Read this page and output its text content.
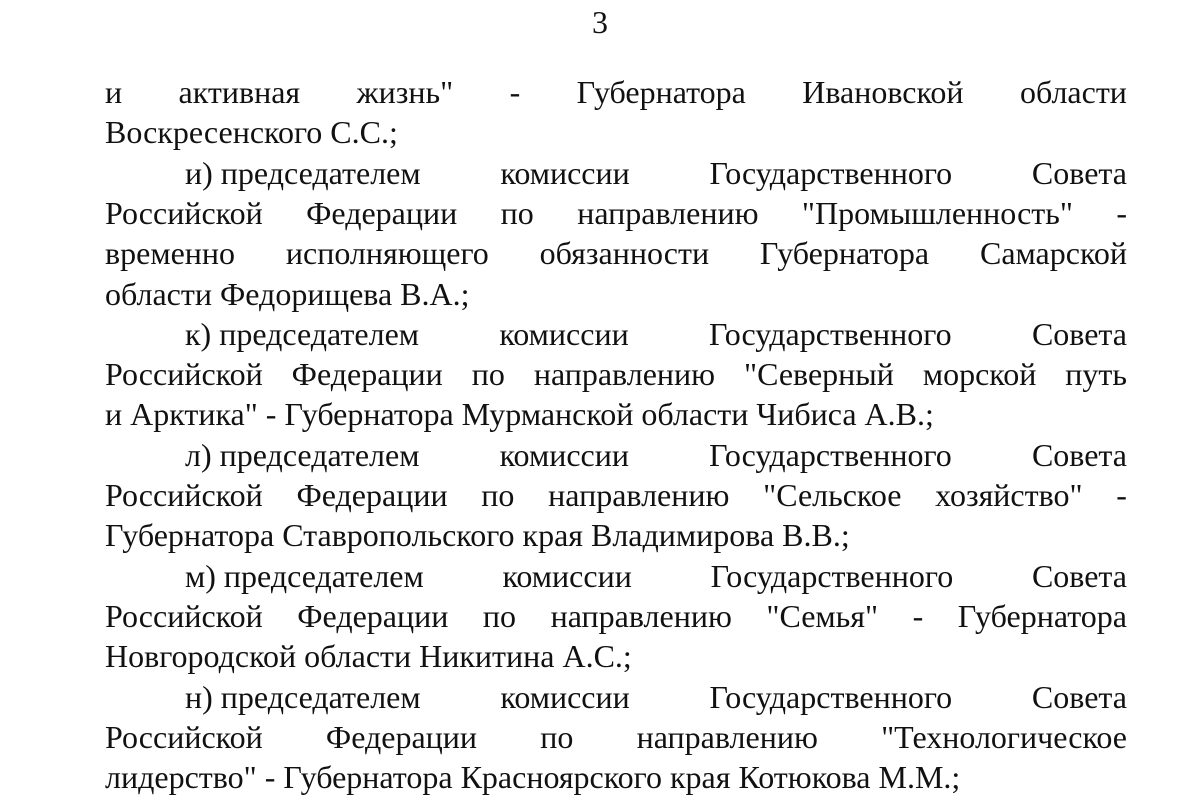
3
и активная жизнь" - Губернатора Ивановской области
Воскресенского С.С.;
и) председателем комиссии Государственного Совета
Российской Федерации по направлению "Промышленность" -
временно исполняющего обязанности Губернатора Самарской
области Федорищева В.А.;
к) председателем	комиссии	Государственного	Совета
Российской Федерации по направлению "Северный морской путь
и Арктика" - Губернатора Мурманской области Чибиса А.В.;
л) председателем	комиссии	Государственного	Совета
Российской Федерации по направлению "Сельское хозяйство" -
Губернатора Ставропольского края Владимирова В.В.;
м) председателем комиссии Государственного Совета
Российской Федерации по направлению "Семья" - Губернатора
Новгородской области Никитина А.С.;
н) председателем комиссии Государственного Совета
Российской Федерации по направлению "Технологическое
лидерство" - Губернатора Красноярского края Котюкова М.М.;
